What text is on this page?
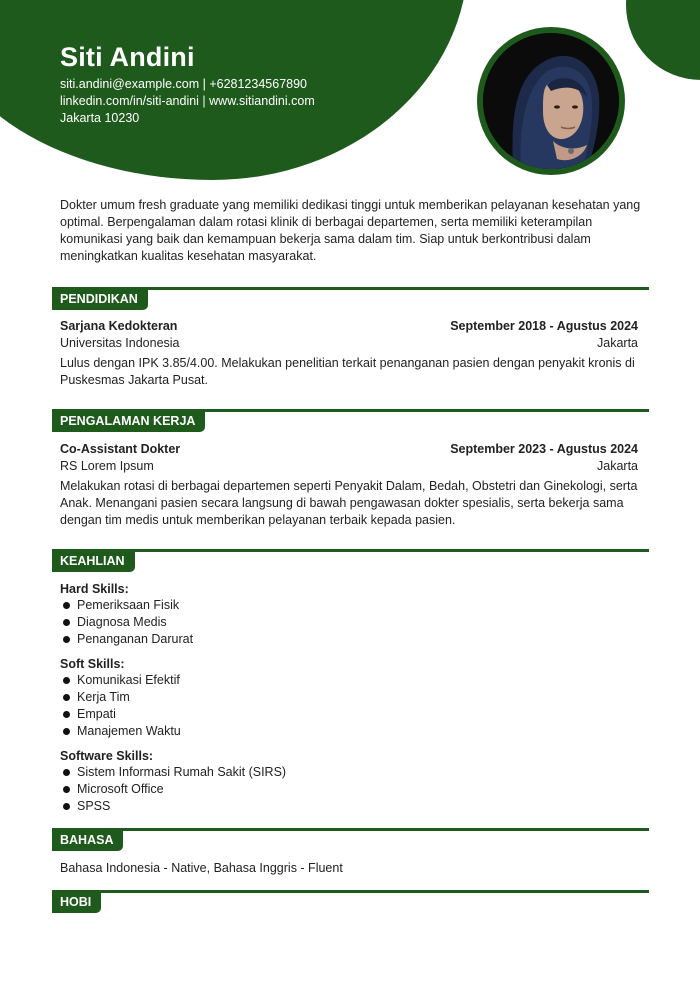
Siti Andini
siti.andini@example.com | +6281234567890
linkedin.com/in/siti-andini | www.sitiandini.com
Jakarta 10230
Dokter umum fresh graduate yang memiliki dedikasi tinggi untuk memberikan pelayanan kesehatan yang optimal. Berpengalaman dalam rotasi klinik di berbagai departemen, serta memiliki keterampilan komunikasi yang baik dan kemampuan bekerja sama dalam tim. Siap untuk berkontribusi dalam meningkatkan kualitas kesehatan masyarakat.
PENDIDIKAN
Sarjana Kedokteran	September 2018 - Agustus 2024
Universitas Indonesia	Jakarta
Lulus dengan IPK 3.85/4.00. Melakukan penelitian terkait penanganan pasien dengan penyakit kronis di Puskesmas Jakarta Pusat.
PENGALAMAN KERJA
Co-Assistant Dokter	September 2023 - Agustus 2024
RS Lorem Ipsum	Jakarta
Melakukan rotasi di berbagai departemen seperti Penyakit Dalam, Bedah, Obstetri dan Ginekologi, serta Anak. Menangani pasien secara langsung di bawah pengawasan dokter spesialis, serta bekerja sama dengan tim medis untuk memberikan pelayanan terbaik kepada pasien.
KEAHLIAN
Hard Skills:
Pemeriksaan Fisik
Diagnosa Medis
Penanganan Darurat
Soft Skills:
Komunikasi Efektif
Kerja Tim
Empati
Manajemen Waktu
Software Skills:
Sistem Informasi Rumah Sakit (SIRS)
Microsoft Office
SPSS
BAHASA
Bahasa Indonesia - Native, Bahasa Inggris - Fluent
HOBI
